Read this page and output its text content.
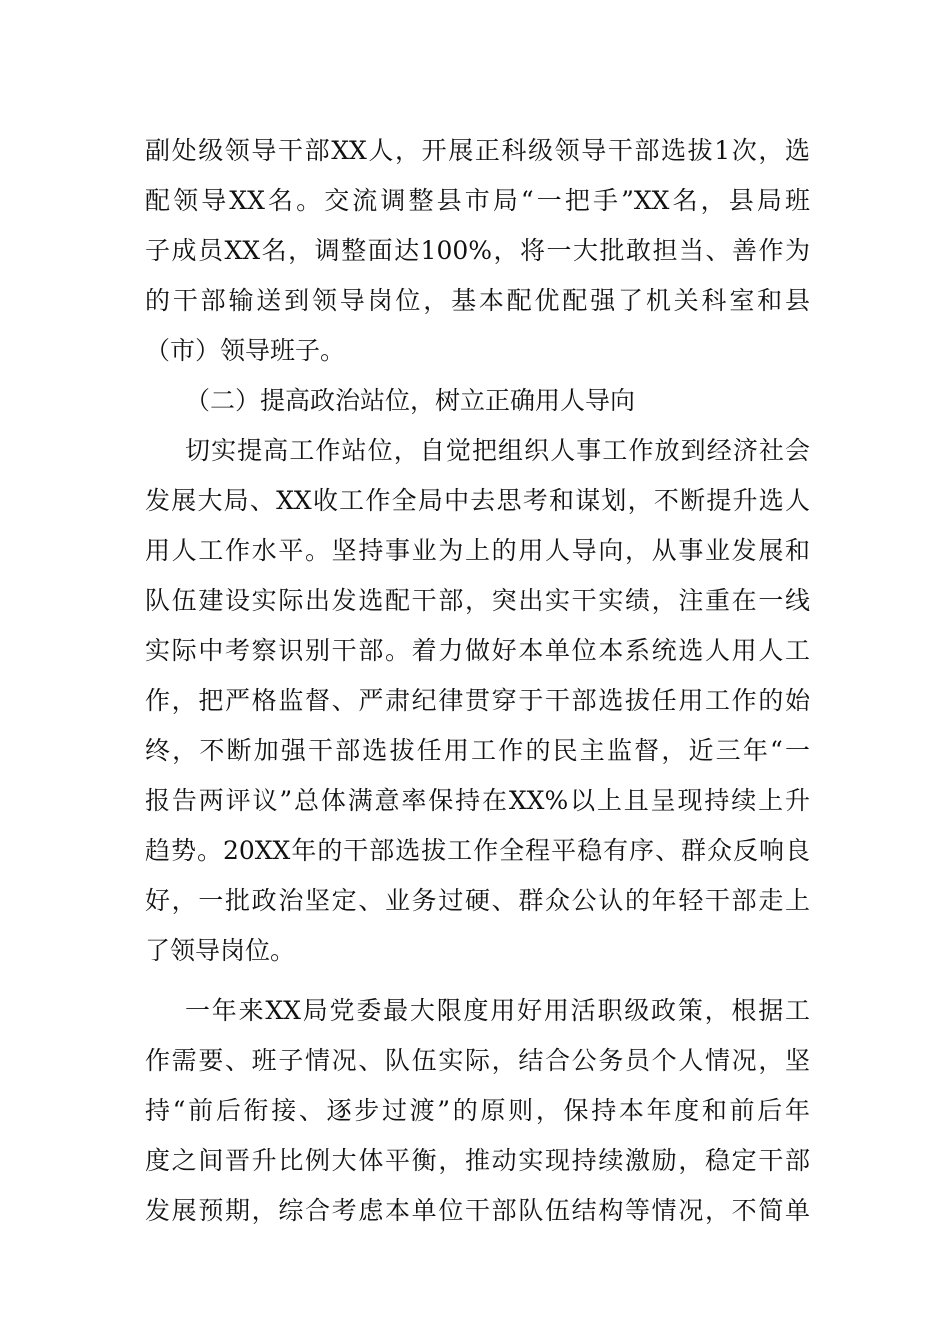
副处级领导干部XX人，开展正科级领导干部选拔1次，选
配领导XX名。交流调整县市局“一把手”XX名，县局班
子成员XX名，调整面达100%，将一大批敢担当、善作为
的干部输送到领导岗位，基本配优配强了机关科室和县
（市）领导班子。
（二）提高政治站位，树立正确用人导向
切实提高工作站位，自觉把组织人事工作放到经济社会
发展大局、XX收工作全局中去思考和谋划，不断提升选人
用人工作水平。坚持事业为上的用人导向，从事业发展和
队伍建设实际出发选配干部，突出实干实绩，注重在一线
实际中考察识别干部。着力做好本单位本系统选人用人工
作，把严格监督、严肃纪律贯穿于干部选拔任用工作的始
终，不断加强干部选拔任用工作的民主监督，近三年“一
报告两评议”总体满意率保持在XX%以上且呈现持续上升
趋势。20XX年的干部选拔工作全程平稳有序、群众反响良
好，一批政治坚定、业务过硬、群众公认的年轻干部走上
了领导岗位。
一年来XX局党委最大限度用好用活职级政策，根据工
作需要、班子情况、队伍实际，结合公务员个人情况，坚
持“前后衔接、逐步过渡”的原则，保持本年度和前后年
度之间晋升比例大体平衡，推动实现持续激励，稳定干部
发展预期，综合考虑本单位干部队伍结构等情况，不简单
